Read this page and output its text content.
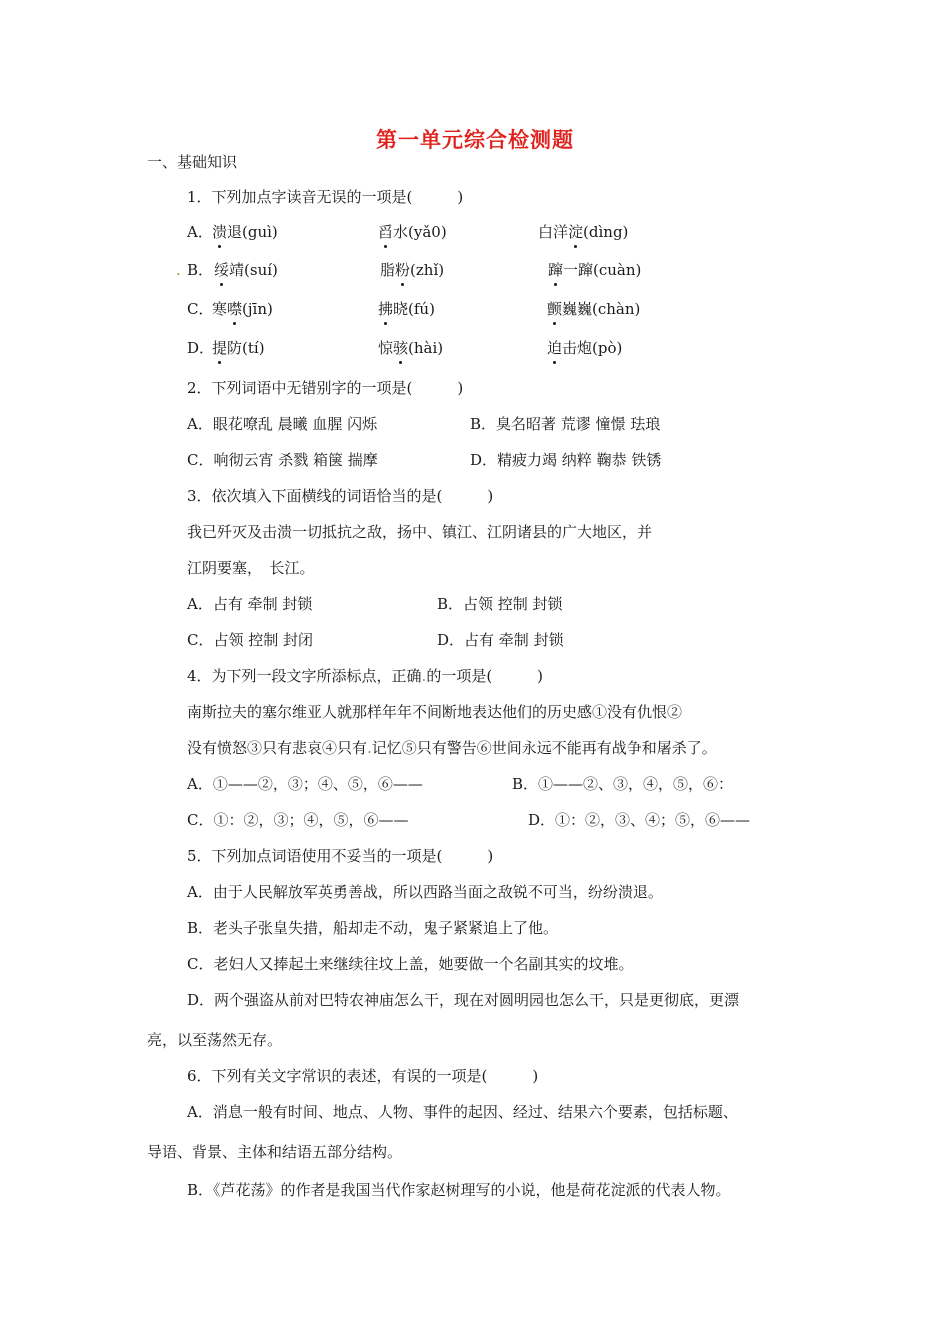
第一单元综合检测题
一、基础知识
1．下列加点字读音无误的一项是(　　　)
A． 溃退(guì)	舀水(yǎ0)	白洋淀(dìng)
. B． 绥靖(suí)	脂粉(zhǐ)	蹿一蹿(cuàn)
C．
寒噤(jīn)	拂晓(fú)	颤巍巍(chàn)
D．
提防(tí)	惊骇(hài)	迫击炮(pò)
2．下列词语中无错别字的一项是(　　　)
A．眼花嘹乱 晨曦 血腥 闪烁	B．臭名昭著 荒谬 憧憬 珐琅
C．响彻云宵 杀戮 箱箧 揣摩	D．精疲力竭 纳粹 鞠恭 铁锈
3．依次填入下面横线的词语恰当的是(　　　)
我已歼灭及击溃一切抵抗之敌，扬中、镇江、江阴诸县的广大地区，并
江阴要塞，　长江。
A．占有 牵制 封锁	B．占领 控制 封锁
C．占领 控制 封闭	D．占有 牵制 封锁
4．为下列一段文字所添标点，正确.的一项是(　　　)
南斯拉夫的塞尔维亚人就那样年年不间断地表达他们的历史感①没有仇恨②
没有愤怒③只有悲哀④只有.记忆⑤只有警告⑥世间永远不能再有战争和屠杀了。
A．①——②，③；④、⑤，⑥——	B．①——②、③，④，⑤，⑥：
C．①：②，③；④，⑤，⑥——	D．①：②，③、④；⑤，⑥——
5．下列加点词语使用不妥当的一项是(　　　)
A．由于人民解放军英勇善战，所以西路当面之敌锐不可当，纷纷溃退。
B．老头子张皇失措，船却走不动，鬼子紧紧追上了他。
C．老妇人又捧起土来继续往坟上盖，她要做一个名副其实的坟堆。
D．两个强盗从前对巴特农神庙怎么干，现在对圆明园也怎么干，只是更彻底，更漂
亮，以至荡然无存。
6．下列有关文字常识的表述，有误的一项是(　　　)
A．消息一般有时间、地点、人物、事件的起因、经过、结果六个要素，包括标题、
导语、背景、主体和结语五部分结构。
B．《芦花荡》的作者是我国当代作家赵树理写的小说，他是荷花淀派的代表人物。
